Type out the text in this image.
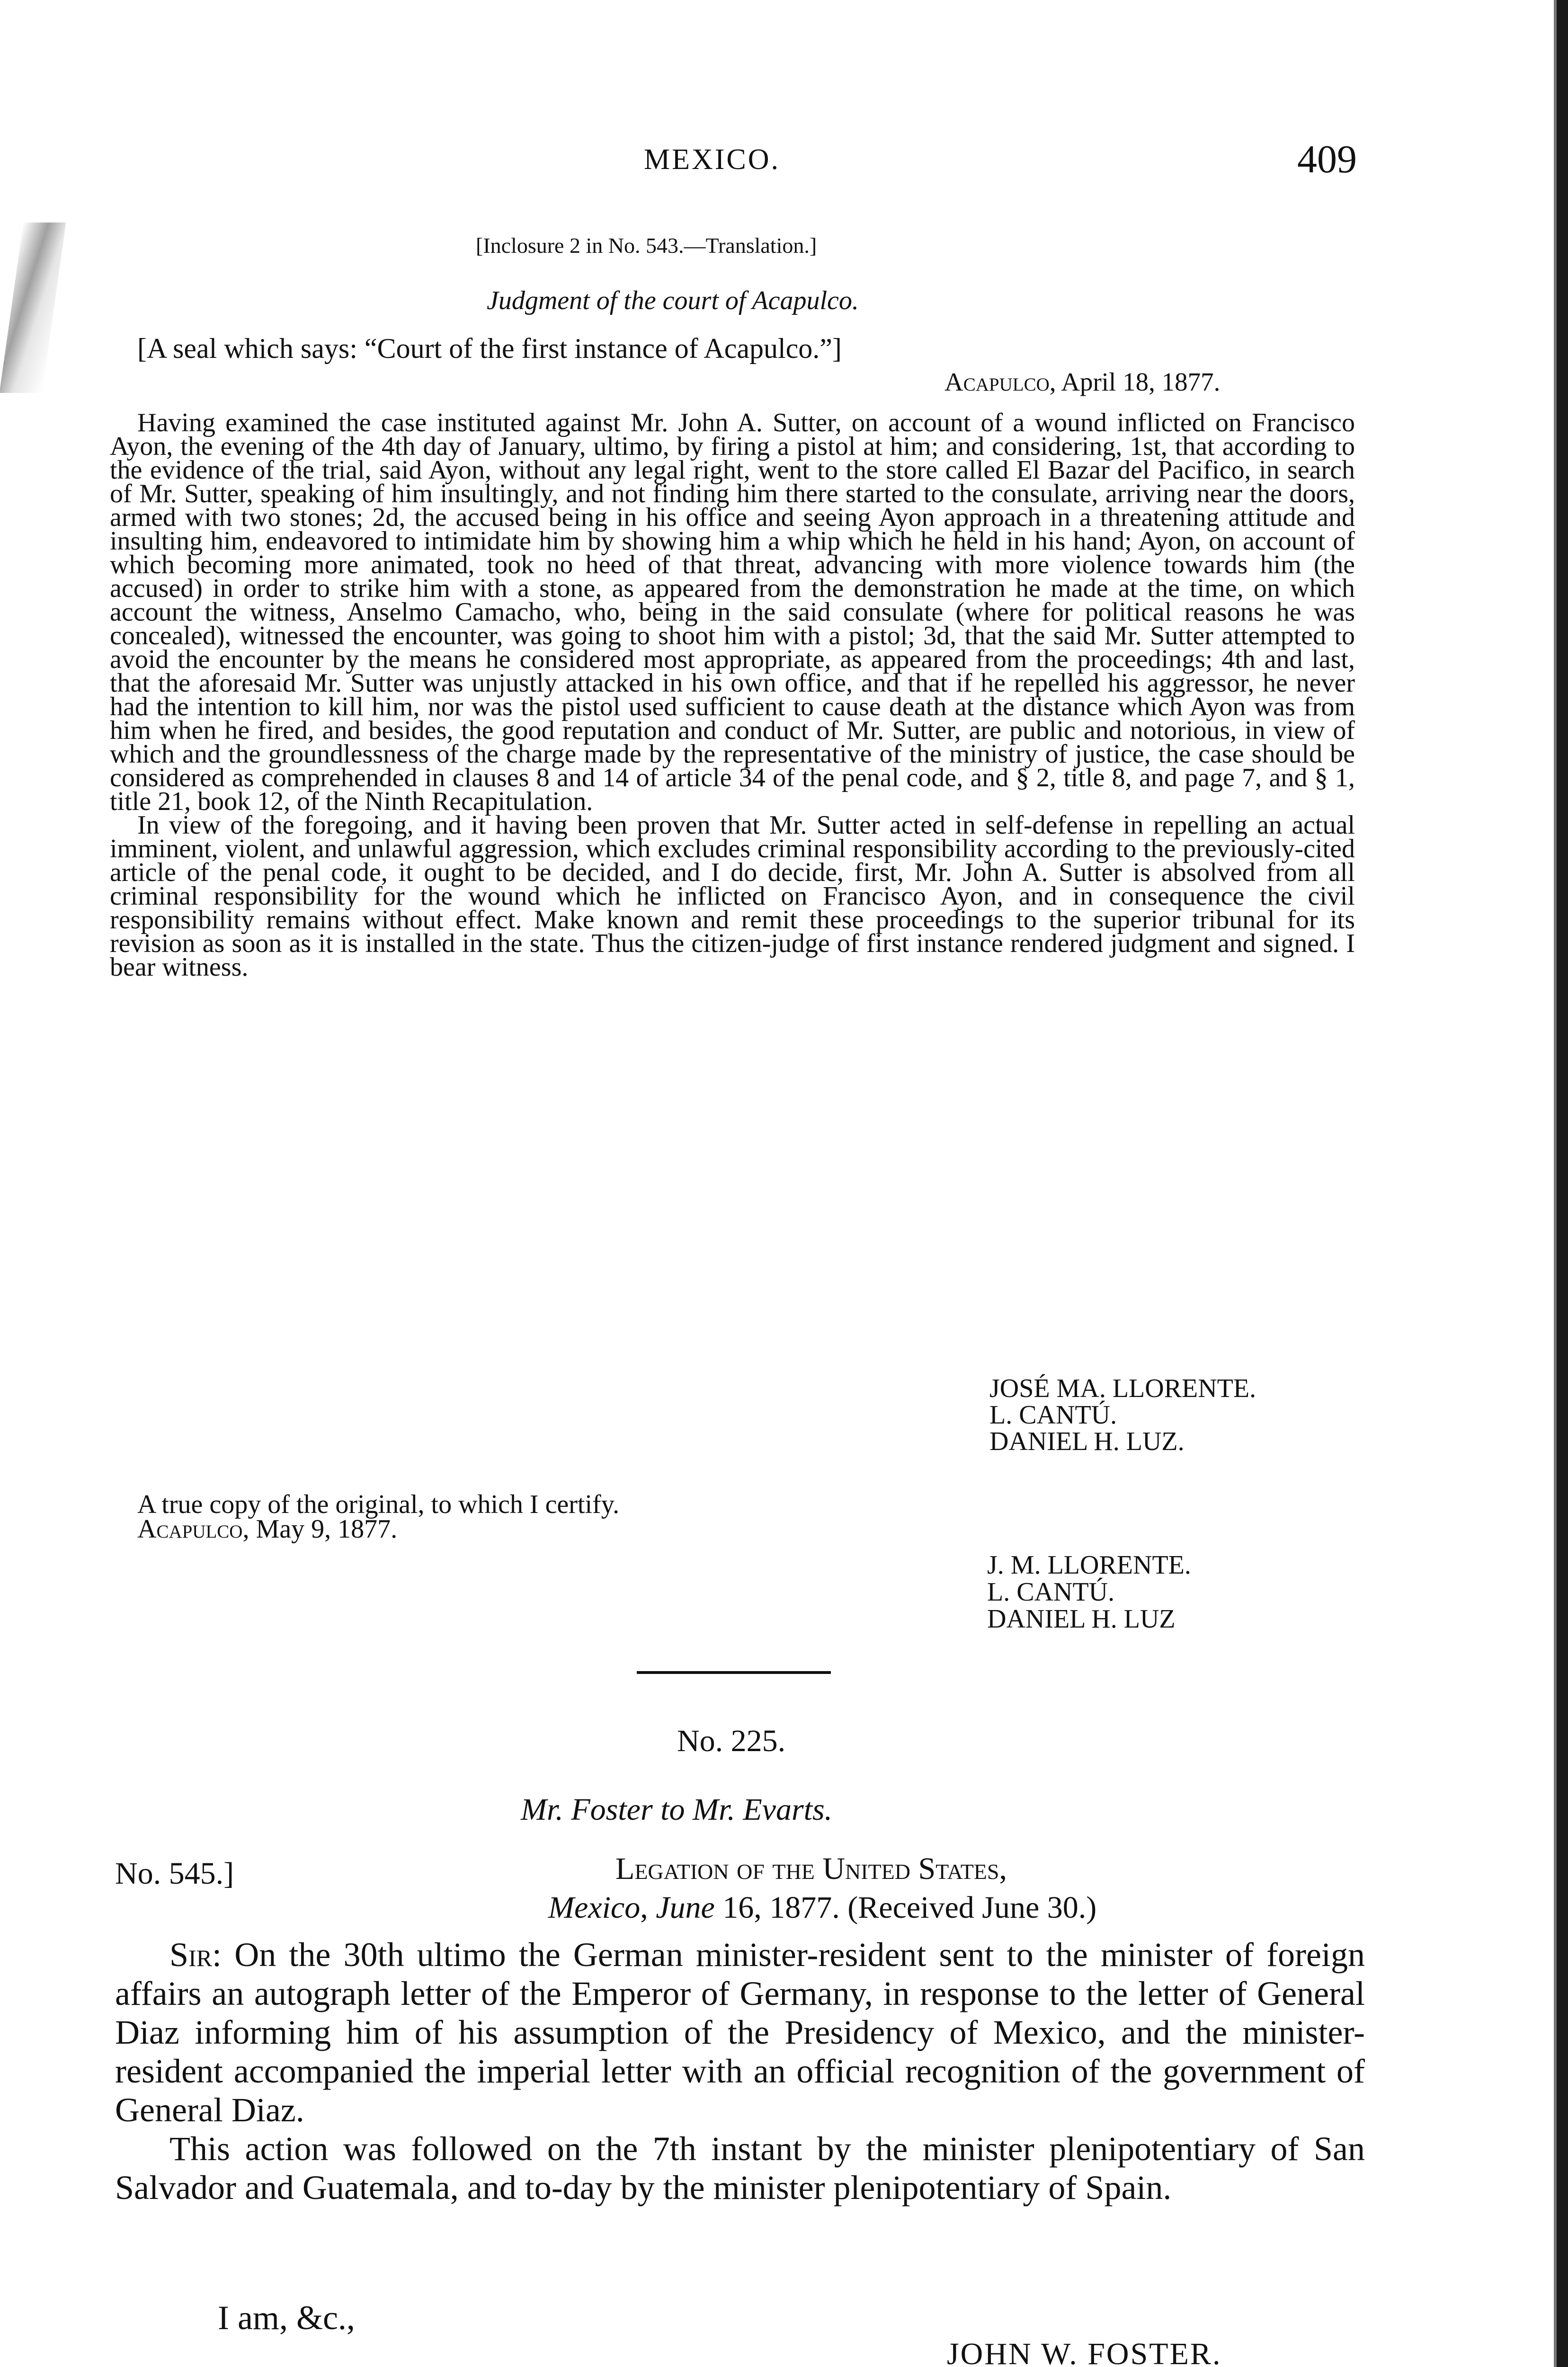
MEXICO.	409
[Inclosure 2 in No. 543.—Translation.]
Judgment of the court of Acapulco.
[A seal which says: “Court of the first instance of Acapulco.”]
Acapulco, April 18, 1877.

Having examined the case instituted against Mr. John A. Sutter, on account of a wound inflicted on Francisco Ayon, the evening of the 4th day of January, ultimo, by firing a pistol at him; and considering, 1st, that according to the evidence of the trial, said Ayon, without any legal right, went to the store called El Bazar del Pacifico, in search of Mr. Sutter, speaking of him insultingly, and not finding him there started to the consulate, arriving near the doors, armed with two stones; 2d, the accused being in his office and seeing Ayon approach in a threatening attitude and insulting him, endeavored to intimidate him by showing him a whip which he held in his hand; Ayon, on account of which becoming more animated, took no heed of that threat, advancing with more violence towards him (the accused) in order to strike him with a stone, as appeared from the demonstration he made at the time, on which account the witness, Anselmo Camacho, who, being in the said consulate (where for political reasons he was concealed), witnessed the encounter, was going to shoot him with a pistol; 3d, that the said Mr. Sutter attempted to avoid the encounter by the means he considered most appropriate, as appeared from the proceedings; 4th and last, that the aforesaid Mr. Sutter was unjustly attacked in his own office, and that if he repelled his aggressor, he never had the intention to kill him, nor was the pistol used sufficient to cause death at the distance which Ayon was from him when he fired, and besides, the good reputation and conduct of Mr. Sutter, are public and notorious, in view of which and the groundlessness of the charge made by the representative of the ministry of justice, the case should be considered as comprehended in clauses 8 and 14 of article 34 of the penal code, and § 2, title 8, and page 7, and § 1, title 21, book 12, of the Ninth Recapitulation.

In view of the foregoing, and it having been proven that Mr. Sutter acted in self-defense in repelling an actual imminent, violent, and unlawful aggression, which excludes criminal responsibility according to the previously-cited article of the penal code, it ought to be decided, and I do decide, first, Mr. John A. Sutter is absolved from all criminal responsibility for the wound which he inflicted on Francisco Ayon, and in consequence the civil responsibility remains without effect. Make known and remit these proceedings to the superior tribunal for its revision as soon as it is installed in the state. Thus the citizen-judge of first instance rendered judgment and signed. I bear witness.

JOSÉ MA. LLORENTE.
L. CANTÚ.
DANIEL H. LUZ.
A true copy of the original, to which I certify.
Acapulco, May 9, 1877.
J. M. LLORENTE.
L. CANTÚ.
DANIEL H. LUZ
No. 225.
Mr. Foster to Mr. Evarts.
No. 545.]	Legation of the United States,
Mexico, June 16, 1877. (Received June 30.)

Sir: On the 30th ultimo the German minister-resident sent to the minister of foreign affairs an autograph letter of the Emperor of Germany, in response to the letter of General Diaz informing him of his assumption of the Presidency of Mexico, and the minister-resident accompanied the imperial letter with an official recognition of the government of General Diaz.

This action was followed on the 7th instant by the minister plenipotentiary of San Salvador and Guatemala, and to-day by the minister plenipotentiary of Spain.

I am, &c.,
JOHN W. FOSTER.
